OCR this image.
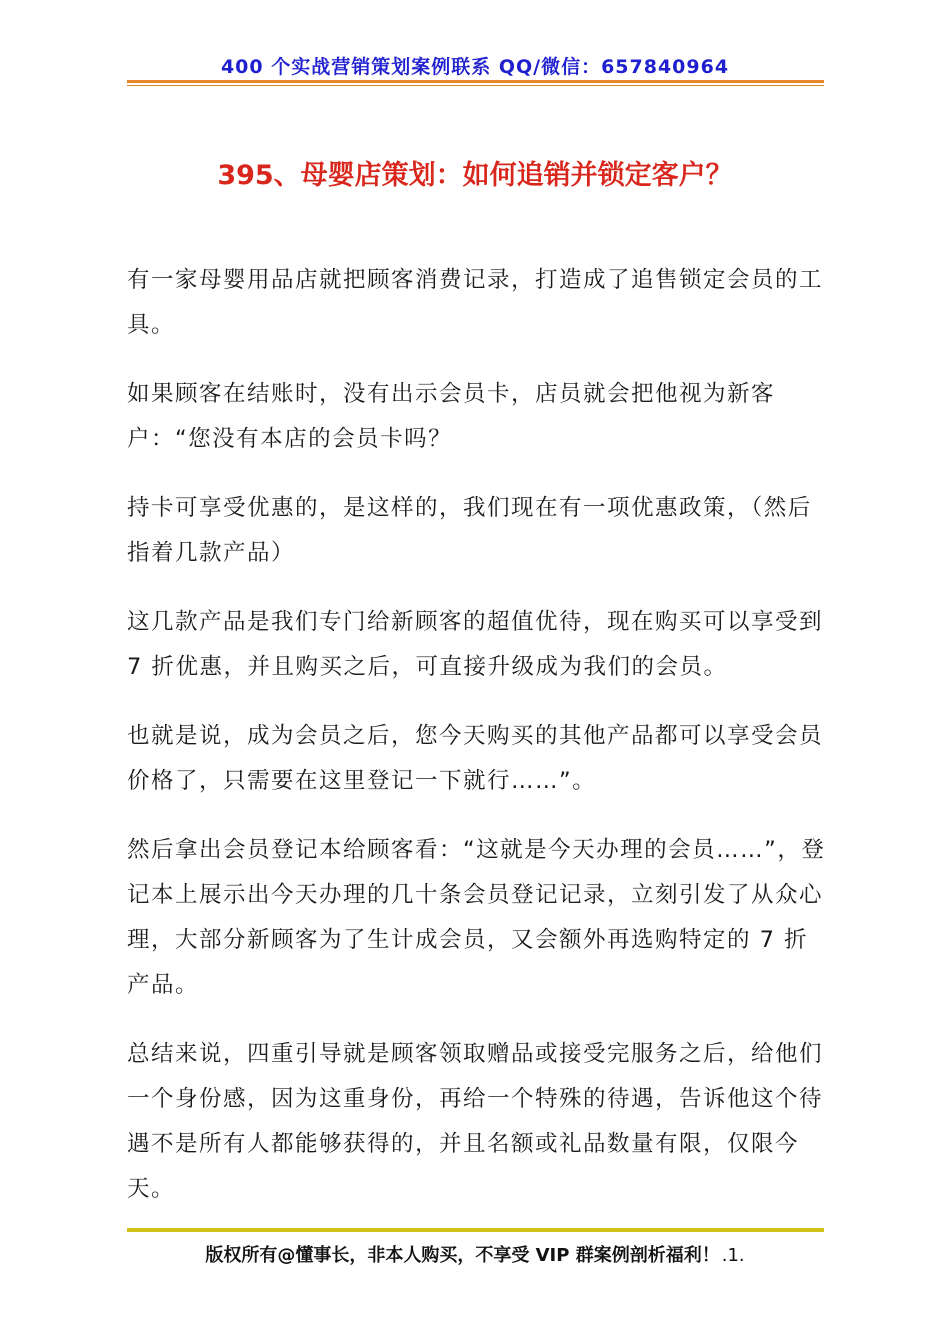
400 个实战营销策划案例联系 QQ/微信：657840964
395、母婴店策划：如何追销并锁定客户？

有一家母婴用品店就把顾客消费记录，打造成了追售锁定会员的工具。

如果顾客在结账时，没有出示会员卡，店员就会把他视为新客户：“您没有本店的会员卡吗？

持卡可享受优惠的，是这样的，我们现在有一项优惠政策，（然后指着几款产品）

这几款产品是我们专门给新顾客的超值优待，现在购买可以享受到 7 折优惠，并且购买之后，可直接升级成为我们的会员。

也就是说，成为会员之后，您今天购买的其他产品都可以享受会员价格了，只需要在这里登记一下就行……”。

然后拿出会员登记本给顾客看：“这就是今天办理的会员……”，登记本上展示出今天办理的几十条会员登记记录，立刻引发了从众心理，大部分新顾客为了生计成会员，又会额外再选购特定的 7 折产品。

总结来说，四重引导就是顾客领取赠品或接受完服务之后，给他们一个身份感，因为这重身份，再给一个特殊的待遇，告诉他这个待遇不是所有人都能够获得的，并且名额或礼品数量有限，仅限今天。

版权所有@懂事长，非本人购买，不享受 VIP 群案例剖析福利！ .1.
